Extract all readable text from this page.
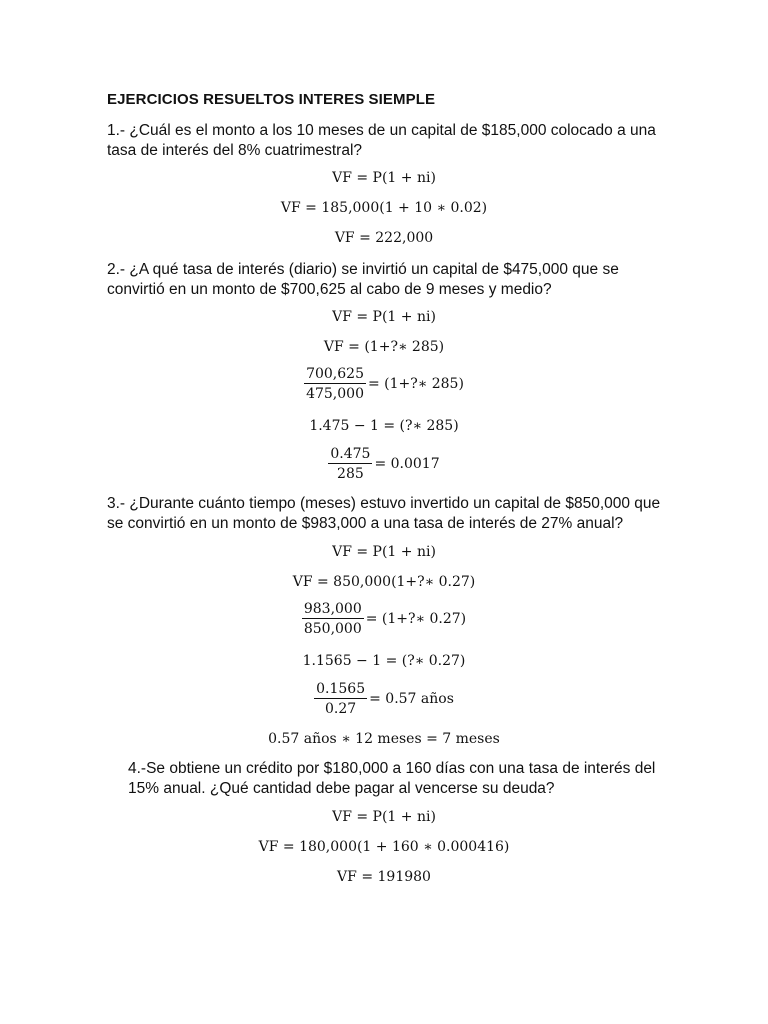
EJERCICIOS RESUELTOS INTERES SIEMPLE
1.- ¿Cuál es el monto a los 10 meses de un capital de $185,000 colocado a una
tasa de interés del 8% cuatrimestral?
VF = P(1 + ni)
VF = 185,000(1 + 10 ∗ 0.02)
VF = 222,000
2.- ¿A qué tasa de interés (diario) se invirtió un capital de $475,000 que se
convirtió en un monto de $700,625 al cabo de 9 meses y medio?
VF = P(1 + ni)
VF = (1+?∗ 285)
$\frac{700,625}{475,000}$ = (1+?∗ 285)
1.475 − 1 = (?∗ 285)
$\frac{0.475}{285} = 0.0017$
3.- ¿Durante cuánto tiempo (meses) estuvo invertido un capital de $850,000 que
se convirtió en un monto de $983,000 a una tasa de interés de 27% anual?
VF = P(1 + ni)
VF = 850,000(1+?∗ 0.27)
$\frac{983,000}{850,000}$ = (1+?∗ 0.27)
1.1565 − 1 = (?∗ 0.27)
$\frac{0.1565}{0.27} = 0.57$ años
0.57 años ∗ 12 meses = 7 meses
4.-Se obtiene un crédito por $180,000 a 160 días con una tasa de interés del
15% anual. ¿Qué cantidad debe pagar al vencerse su deuda?
VF = P(1 + ni)
VF = 180,000(1 + 160 ∗ 0.000416)
VF = 191980
